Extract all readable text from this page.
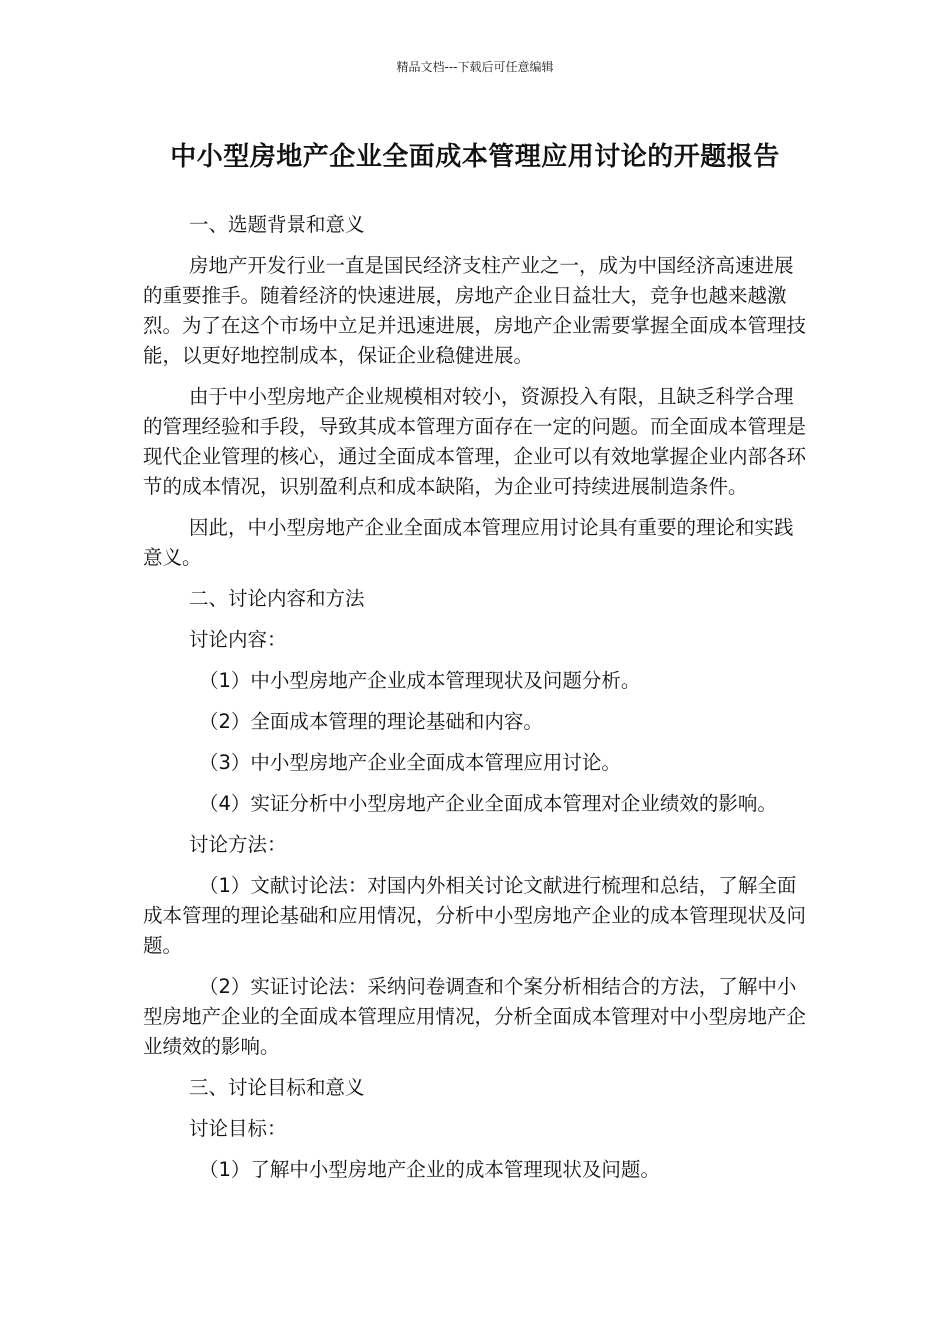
精品文档---下载后可任意编辑
中小型房地产企业全面成本管理应用讨论的开题报告

一、选题背景和意义

房地产开发行业一直是国民经济支柱产业之一，成为中国经济高速进展的重要推手。随着经济的快速进展，房地产企业日益壮大，竞争也越来越激烈。为了在这个市场中立足并迅速进展，房地产企业需要掌握全面成本管理技能，以更好地控制成本，保证企业稳健进展。

由于中小型房地产企业规模相对较小，资源投入有限，且缺乏科学合理的管理经验和手段，导致其成本管理方面存在一定的问题。而全面成本管理是现代企业管理的核心，通过全面成本管理，企业可以有效地掌握企业内部各环节的成本情况，识别盈利点和成本缺陷，为企业可持续进展制造条件。

因此，中小型房地产企业全面成本管理应用讨论具有重要的理论和实践意义。

二、讨论内容和方法

讨论内容：

（1）中小型房地产企业成本管理现状及问题分析。

（2）全面成本管理的理论基础和内容。

（3）中小型房地产企业全面成本管理应用讨论。

（4）实证分析中小型房地产企业全面成本管理对企业绩效的影响。

讨论方法：

（1）文献讨论法：对国内外相关讨论文献进行梳理和总结，了解全面成本管理的理论基础和应用情况，分析中小型房地产企业的成本管理现状及问题。

（2）实证讨论法：采纳问卷调查和个案分析相结合的方法，了解中小型房地产企业的全面成本管理应用情况，分析全面成本管理对中小型房地产企业绩效的影响。

三、讨论目标和意义

讨论目标：

（1）了解中小型房地产企业的成本管理现状及问题。
